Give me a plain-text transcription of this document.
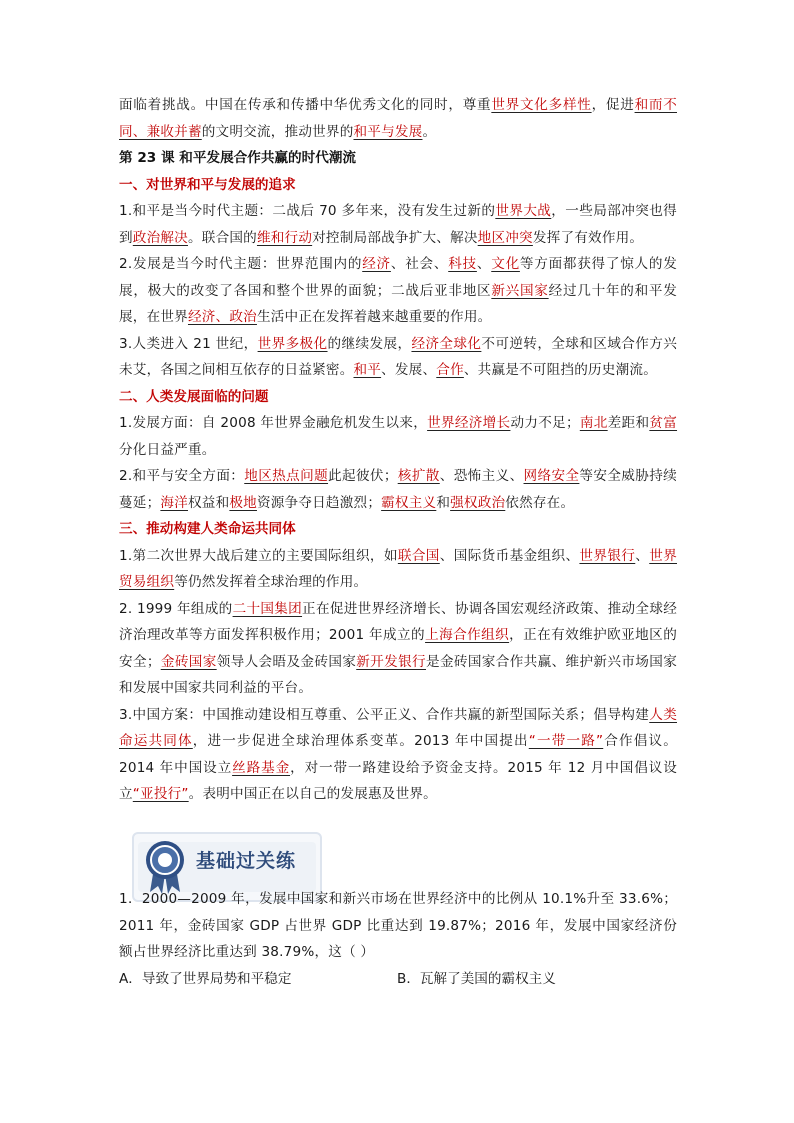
面临着挑战。中国在传承和传播中华优秀文化的同时，尊重世界文化多样性，促进和而不同、兼收并蓄的文明交流，推动世界的和平与发展。

第 23 课 和平发展合作共赢的时代潮流

一、对世界和平与发展的追求

1.和平是当今时代主题：二战后 70 多年来，没有发生过新的世界大战，一些局部冲突也得到政治解决。联合国的维和行动对控制局部战争扩大、解决地区冲突发挥了有效作用。

2.发展是当今时代主题：世界范围内的经济、社会、科技、文化等方面都获得了惊人的发展，极大的改变了各国和整个世界的面貌；二战后亚非地区新兴国家经过几十年的和平发展，在世界经济、政治生活中正在发挥着越来越重要的作用。

3.人类进入 21 世纪，世界多极化的继续发展，经济全球化不可逆转，全球和区域合作方兴未艾，各国之间相互依存的日益紧密。和平、发展、合作、共赢是不可阻挡的历史潮流。

二、人类发展面临的问题

1.发展方面：自 2008 年世界金融危机发生以来，世界经济增长动力不足；南北差距和贫富分化日益严重。

2.和平与安全方面：地区热点问题此起彼伏；核扩散、恐怖主义、网络安全等安全威胁持续蔓延；海洋权益和极地资源争夺日趋激烈；霸权主义和强权政治依然存在。

三、推动构建人类命运共同体

1.第二次世界大战后建立的主要国际组织，如联合国、国际货币基金组织、世界银行、世界贸易组织等仍然发挥着全球治理的作用。

2. 1999 年组成的二十国集团正在促进世界经济增长、协调各国宏观经济政策、推动全球经济治理改革等方面发挥积极作用；2001 年成立的上海合作组织，正在有效维护欧亚地区的安全；金砖国家领导人会晤及金砖国家新开发银行是金砖国家合作共赢、维护新兴市场国家和发展中国家共同利益的平台。

3.中国方案：中国推动建设相互尊重、公平正义、合作共赢的新型国际关系；倡导构建人类命运共同体，进一步促进全球治理体系变革。2013 年中国提出“一带一路”合作倡议。2014 年中国设立丝路基金，对一带一路建设给予资金支持。2015 年 12 月中国倡议设立“亚投行”。表明中国正在以自己的发展惠及世界。

基础过关练

1．2000—2009 年，发展中国家和新兴市场在世界经济中的比例从 10.1%升至 33.6%；2011 年，金砖国家 GDP 占世界 GDP 比重达到 19.87%；2016 年，发展中国家经济份额占世界经济比重达到 38.79%，这（ ）

A．导致了世界局势和平稳定	B．瓦解了美国的霸权主义
